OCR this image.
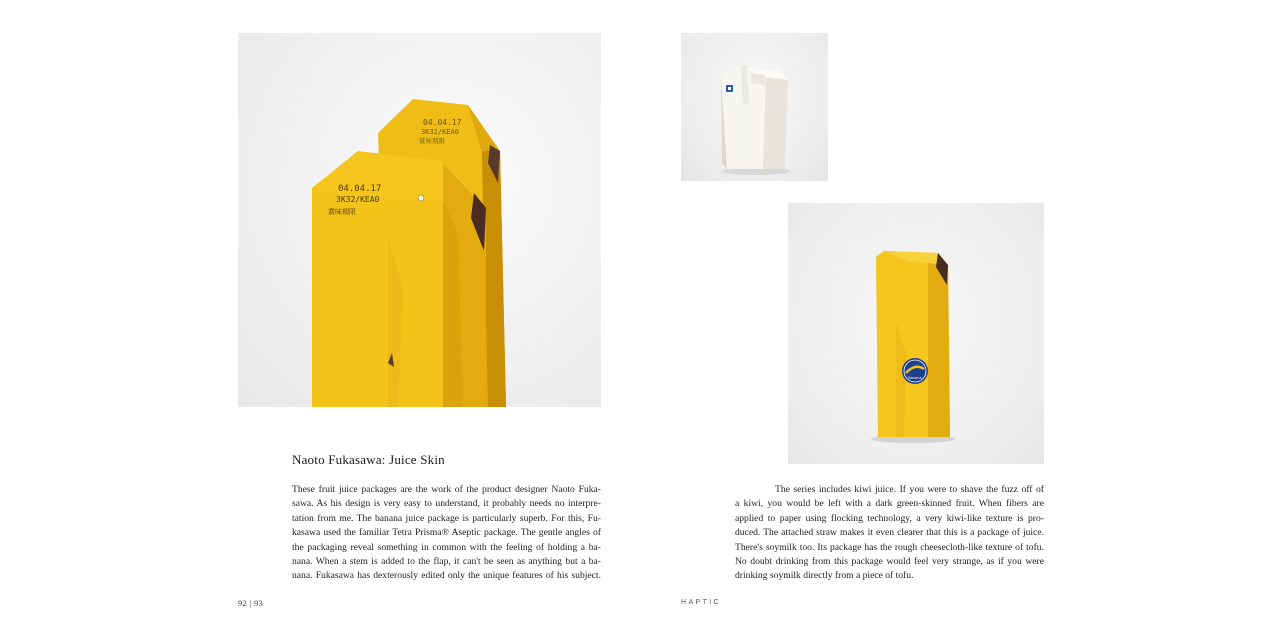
04.04.17
3K32/KEA0
賞味期限
04.04.17
3K32/KEA0
賞味期限
Banana
Naoto Fukasawa: Juice Skin
These fruit juice packages are the work of the product designer Naoto Fuka-
sawa. As his design is very easy to understand, it probably needs no interpre-
tation from me. The banana juice package is particularly superb. For this, Fu-
kasawa used the familiar Tetra Prisma® Aseptic package. The gentle angles of
the packaging reveal something in common with the feeling of holding a ba-
nana. When a stem is added to the flap, it can't be seen as anything but a ba-
nana. Fukasawa has dexterously edited only the unique features of his subject.
The series includes kiwi juice. If you were to shave the fuzz off of
a kiwi, you would be left with a dark green-skinned fruit. When fibers are
applied to paper using flocking technology, a very kiwi-like texture is pro-
duced. The attached straw makes it even clearer that this is a package of juice.
There's soymilk too. Its package has the rough cheesecloth-like texture of tofu.
No doubt drinking from this package would feel very strange, as if you were
drinking soymilk directly from a piece of tofu.
92 | 93	HAPTIC
